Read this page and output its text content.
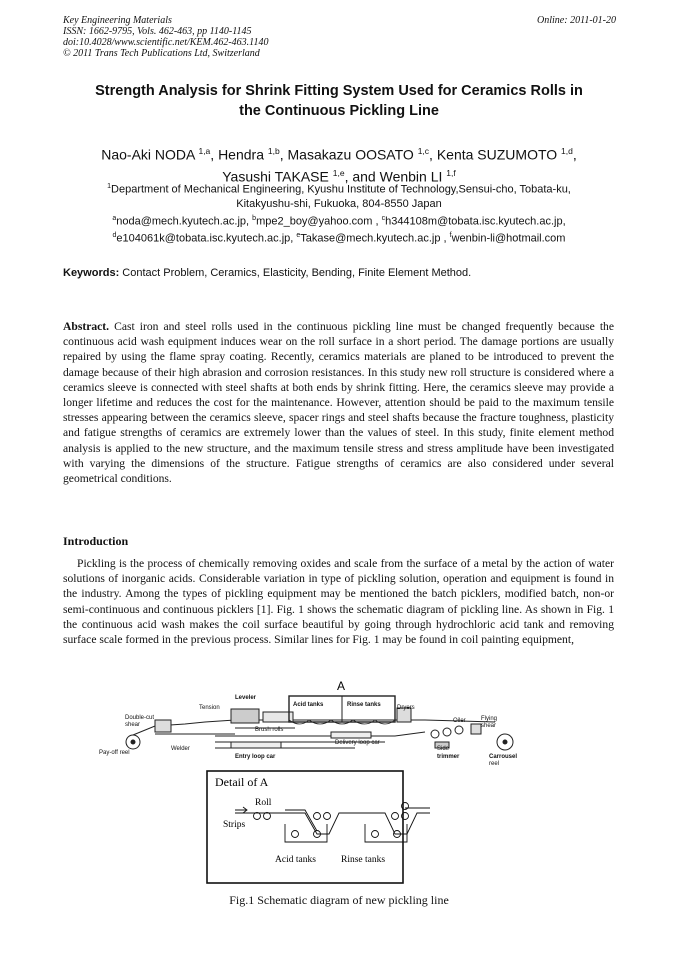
Key Engineering Materials
ISSN: 1662-9795, Vols. 462-463, pp 1140-1145
doi:10.4028/www.scientific.net/KEM.462-463.1140
© 2011 Trans Tech Publications Ltd, Switzerland
Online: 2011-01-20
Strength Analysis for Shrink Fitting System Used for Ceramics Rolls in
the Continuous Pickling Line
Nao-Aki NODA $^{1,a}$, Hendra $^{1,b}$, Masakazu OOSATO $^{1,c}$, Kenta SUZUMOTO $^{1,d}$,
Yasushi TAKASE $^{1,e}$, and Wenbin LI $^{1,f}$
$^1$Department of Mechanical Engineering, Kyushu Institute of Technology,Sensui-cho, Tobata-ku,
Kitakyushu-shi, Fukuoka, 804-8550 Japan
$^a$noda@mech.kyutech.ac.jp, $^b$mpe2_boy@yahoo.com , $^c$h344108m@tobata.isc.kyutech.ac.jp,
$^d$e104061k@tobata.isc.kyutech.ac.jp, $^e$Takase@mech.kyutech.ac.jp , $^f$wenbin-li@hotmail.com
Keywords: Contact Problem, Ceramics, Elasticity, Bending, Finite Element Method.
Abstract. Cast iron and steel rolls used in the continuous pickling line must be changed frequently because the continuous acid wash equipment induces wear on the roll surface in a short period. The damage portions are usually repaired by using the flame spray coating. Recently, ceramics materials are planed to be introduced to prevent the damage because of their high abrasion and corrosion resistances. In this study new roll structure is considered where a ceramics sleeve is connected with steel shafts at both ends by shrink fitting. Here, the ceramics sleeve may provide a longer lifetime and reduces the cost for the maintenance. However, attention should be paid to the maximum tensile stresses appearing between the ceramics sleeve, spacer rings and steel shafts because the fracture toughness, plasticity and fatigue strengths of ceramics are extremely lower than the values of steel. In this study, finite element method analysis is applied to the new structure, and the maximum tensile stress and stress amplitude have been investigated with varying the dimensions of the structure. Fatigue strengths of ceramics are also considered under several geometrical conditions.
Introduction
Pickling is the process of chemically removing oxides and scale from the surface of a metal by the action of water solutions of inorganic acids. Considerable variation in type of pickling solution, operation and equipment is found in the industry. Among the types of pickling equipment may be mentioned the batch picklers, modified batch, non-or semi-continuous and continuous picklers [1]. Fig. 1 shows the schematic diagram of pickling line. As shown in Fig. 1 the continuous acid wash makes the coil surface beautiful by going through hydrochloric acid tank and removing surface scale formed in the previous process. Similar lines for Fig. 1 may be found in coil painting equipment,
A
Leveler
Tension	Acid tanks	Rinse tanks	Dryers
Double-cut
shear
Brush rolls
Oiler	Flying
shear
Pay-off reel
Welder
Entry loop car
Delivery loop car
Side
trimmer	Carrousel
reel
Detail of A
Roll
Strips
Acid tanks	Rinse tanks
Fig.1 Schematic diagram of new pickling line
